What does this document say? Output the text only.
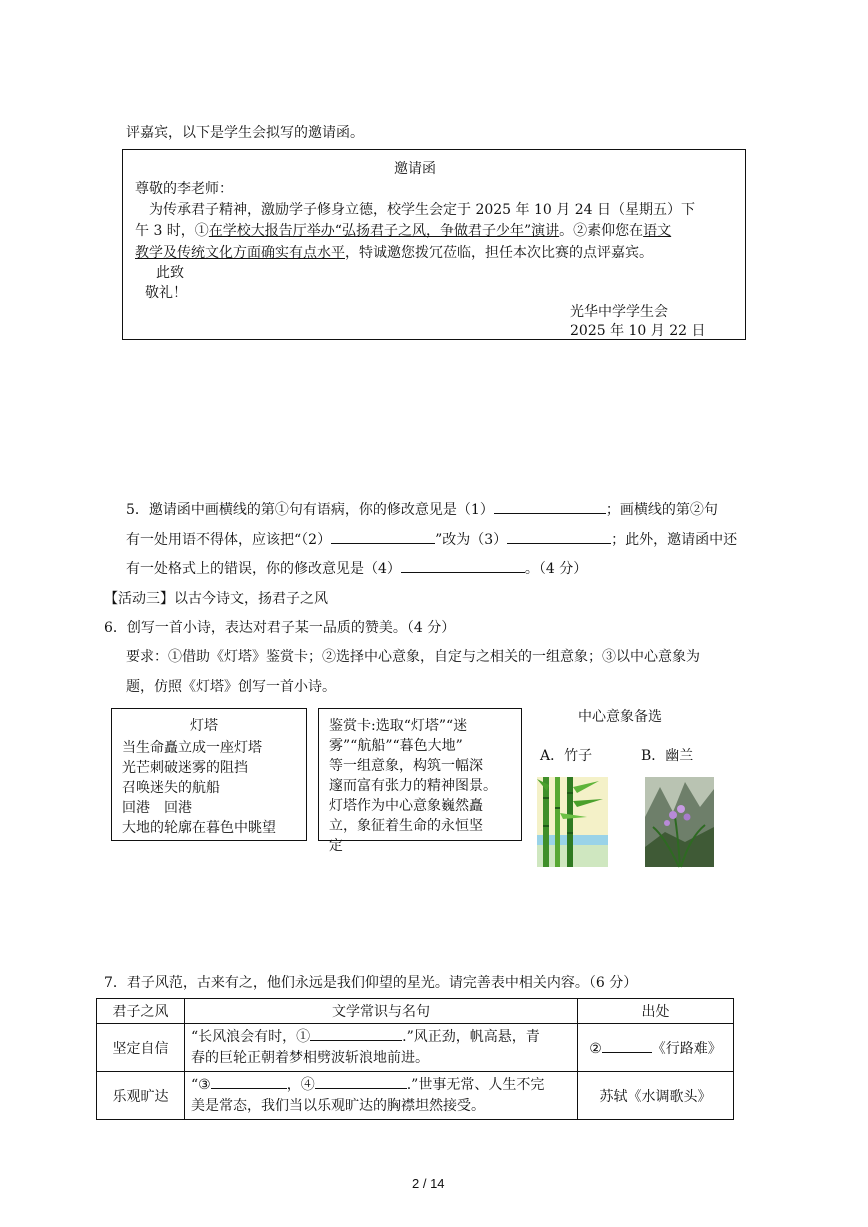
评嘉宾，以下是学生会拟写的邀请函。
邀请函
尊敬的李老师：
为传承君子精神，激励学子修身立德，校学生会定于 2025 年 10 月 24 日（星期五）下
午 3 时，①在学校大报告厅举办“弘扬君子之风，争做君子少年”演讲。②素仰您在语文
教学及传统文化方面确实有点水平，特诚邀您拨冗莅临，担任本次比赛的点评嘉宾。
此致
敬礼！
光华中学学生会
2025 年 10 月 22 日
5．邀请函中画横线的第①句有语病，你的修改意见是（1）	；画横线的第②句
有一处用语不得体，应该把“（2）	”改为（3）	；此外，邀请函中还
有一处格式上的错误，你的修改意见是（4）	。（4 分）
【活动三】以古今诗文，扬君子之风
6．创写一首小诗，表达对君子某一品质的赞美。（4 分）
要求：①借助《灯塔》鉴赏卡；②选择中心意象，自定与之相关的一组意象；③以中心意象为
题，仿照《灯塔》创写一首小诗。
灯塔
当生命矗立成一座灯塔
光芒刺破迷雾的阻挡
召唤迷失的航船
回港　回港
大地的轮廓在暮色中眺望
鉴赏卡:选取“灯塔”“迷
雾”“航船”“暮色大地”
等一组意象，构筑一幅深
邃而富有张力的精神图景。
灯塔作为中心意象巍然矗
立，象征着生命的永恒坚
定
中心意象备选
A．竹子	B．幽兰
7．君子风范，古来有之，他们永远是我们仰望的星光。请完善表中相关内容。（6 分）
君子之风	文学常识与名句	出处
坚定自信	“长风浪会有时，① .”风正劲，帆高悬，青
春的巨轮正朝着梦相劈波斩浪地前进。	② 《行路难》
乐观旷达	“③ ，④ .”世事无常、人生不完
美是常态，我们当以乐观旷达的胸襟坦然接受。	苏轼《水调歌头》
2 / 14
